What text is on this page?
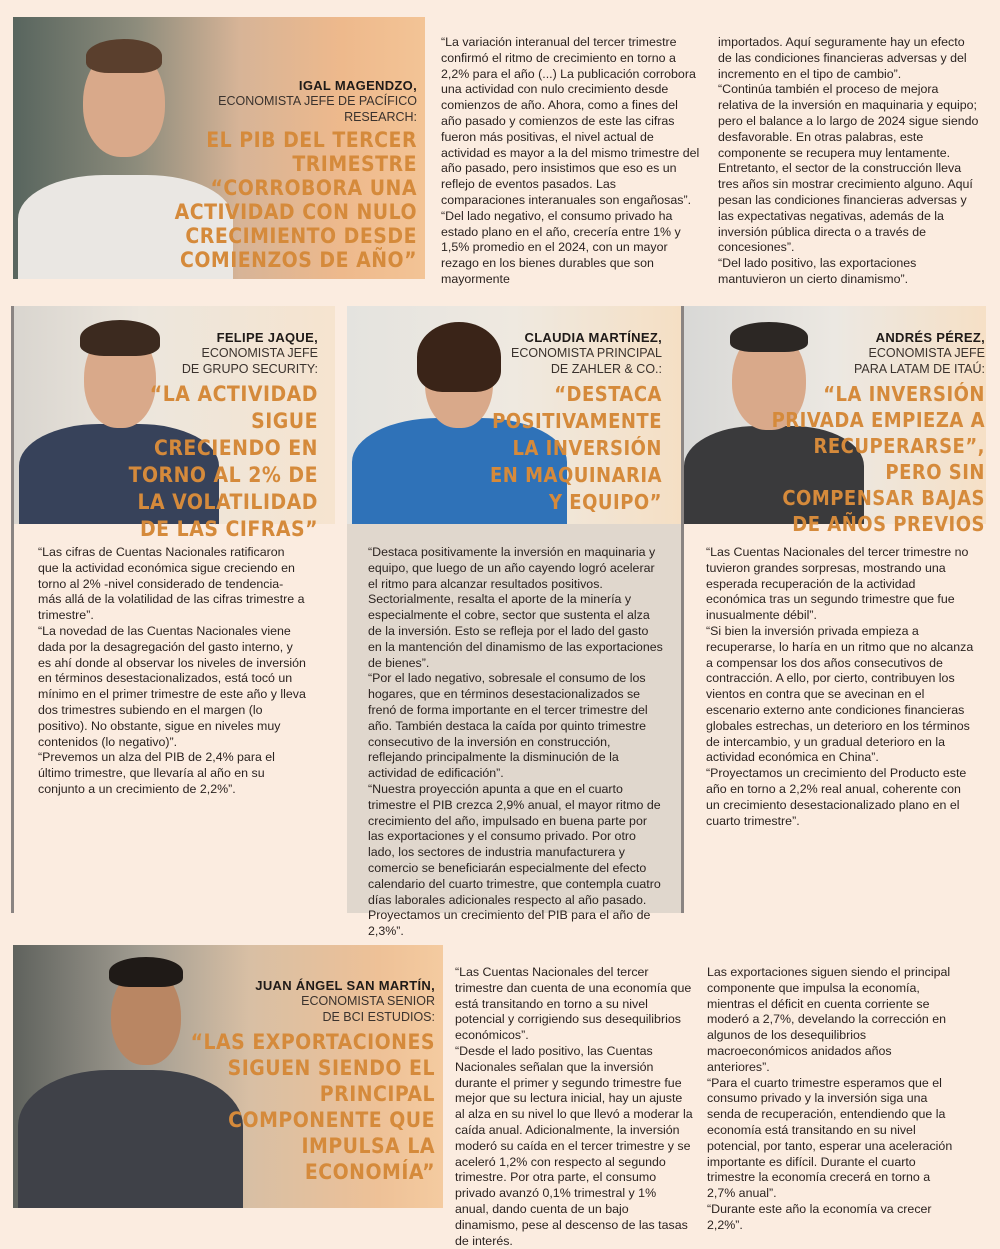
IGAL MAGENDZO,
ECONOMISTA JEFE DE PACÍFICO RESEARCH:
EL PIB DEL TERCER TRIMESTRE “CORROBORA UNA ACTIVIDAD CON NULO CRECIMIENTO DESDE COMIENZOS DE AÑO”
“La variación interanual del tercer trimestre confirmó el ritmo de crecimiento en torno a 2,2% para el año (...) La publicación corrobora una actividad con nulo crecimiento desde comienzos de año. Ahora, como a fines del año pasado y comienzos de este las cifras fueron más positivas, el nivel actual de actividad es mayor a la del mismo trimestre del año pasado, pero insistimos que eso es un reflejo de eventos pasados. Las comparaciones interanuales son engañosas”.
“Del lado negativo, el consumo privado ha estado plano en el año, crecería entre 1% y 1,5% promedio en el 2024, con un mayor rezago en los bienes durables que son mayormente
importados. Aquí seguramente hay un efecto de las condiciones financieras adversas y del incremento en el tipo de cambio”.
“Continúa también el proceso de mejora relativa de la inversión en maquinaria y equipo; pero el balance a lo largo de 2024 sigue siendo desfavorable. En otras palabras, este componente se recupera muy lentamente. Entretanto, el sector de la construcción lleva tres años sin mostrar crecimiento alguno. Aquí pesan las condiciones financieras adversas y las expectativas negativas, además de la inversión pública directa o a través de concesiones”.
“Del lado positivo, las exportaciones mantuvieron un cierto dinamismo”.
FELIPE JAQUE,
ECONOMISTA JEFE
DE GRUPO SECURITY:
“LA ACTIVIDAD SIGUE CRECIENDO EN TORNO AL 2% DE LA VOLATILIDAD DE LAS CIFRAS”
“Las cifras de Cuentas Nacionales ratificaron que la actividad económica sigue creciendo en torno al 2% -nivel considerado de tendencia- más allá de la volatilidad de las cifras trimestre a trimestre”.
“La novedad de las Cuentas Nacionales viene dada por la desagregación del gasto interno, y es ahí donde al observar los niveles de inversión en términos desestacionalizados, está tocó un mínimo en el primer trimestre de este año y lleva dos trimestres subiendo en el margen (lo positivo). No obstante, sigue en niveles muy contenidos (lo negativo)”.
“Prevemos un alza del PIB de 2,4% para el último trimestre, que llevaría al año en su conjunto a un crecimiento de 2,2%”.
CLAUDIA MARTÍNEZ,
ECONOMISTA PRINCIPAL
DE ZAHLER & CO.:
“DESTACA POSITIVAMENTE LA INVERSIÓN EN MAQUINARIA Y EQUIPO”
“Destaca positivamente la inversión en maquinaria y equipo, que luego de un año cayendo logró acelerar el ritmo para alcanzar resultados positivos. Sectorialmente, resalta el aporte de la minería y especialmente el cobre, sector que sustenta el alza de la inversión. Esto se refleja por el lado del gasto en la mantención del dinamismo de las exportaciones de bienes”.
“Por el lado negativo, sobresale el consumo de los hogares, que en términos desestacionalizados se frenó de forma importante en el tercer trimestre del año. También destaca la caída por quinto trimestre consecutivo de la inversión en construcción, reflejando principalmente la disminución de la actividad de edificación”.
“Nuestra proyección apunta a que en el cuarto trimestre el PIB crezca 2,9% anual, el mayor ritmo de crecimiento del año, impulsado en buena parte por las exportaciones y el consumo privado. Por otro lado, los sectores de industria manufacturera y comercio se beneficiarán especialmente del efecto calendario del cuarto trimestre, que contempla cuatro días laborales adicionales respecto al año pasado. Proyectamos un crecimiento del PIB para el año de 2,3%”.
ANDRÉS PÉREZ,
ECONOMISTA JEFE
PARA LATAM DE ITAÚ:
“LA INVERSIÓN PRIVADA EMPIEZA A RECUPERARSE”, PERO SIN COMPENSAR BAJAS DE AÑOS PREVIOS
“Las Cuentas Nacionales del tercer trimestre no tuvieron grandes sorpresas, mostrando una esperada recuperación de la actividad económica tras un segundo trimestre que fue inusualmente débil”.
“Si bien la inversión privada empieza a recuperarse, lo haría en un ritmo que no alcanza a compensar los dos años consecutivos de contracción. A ello, por cierto, contribuyen los vientos en contra que se avecinan en el escenario externo ante condiciones financieras globales estrechas, un deterioro en los términos de intercambio, y un gradual deterioro en la actividad económica en China”.
“Proyectamos un crecimiento del Producto este año en torno a 2,2% real anual, coherente con un crecimiento desestacionalizado plano en el cuarto trimestre”.
JUAN ÁNGEL SAN MARTÍN,
ECONOMISTA SENIOR
DE BCI ESTUDIOS:
“LAS EXPORTACIONES SIGUEN SIENDO EL PRINCIPAL COMPONENTE QUE IMPULSA LA ECONOMÍA”
“Las Cuentas Nacionales del tercer trimestre dan cuenta de una economía que está transitando en torno a su nivel potencial y corrigiendo sus desequilibrios económicos”.
“Desde el lado positivo, las Cuentas Nacionales señalan que la inversión durante el primer y segundo trimestre fue mejor que su lectura inicial, hay un ajuste al alza en su nivel lo que llevó a moderar la caída anual. Adicionalmente, la inversión moderó su caída en el tercer trimestre y se aceleró 1,2% con respecto al segundo trimestre. Por otra parte, el consumo privado avanzó 0,1% trimestral y 1% anual, dando cuenta de un bajo dinamismo, pese al descenso de las tasas de interés.
Las exportaciones siguen siendo el principal componente que impulsa la economía, mientras el déficit en cuenta corriente se moderó a 2,7%, develando la corrección en algunos de los desequilibrios macroeconómicos anidados años anteriores”.
“Para el cuarto trimestre esperamos que el consumo privado y la inversión siga una senda de recuperación, entendiendo que la economía está transitando en su nivel potencial, por tanto, esperar una aceleración importante es difícil. Durante el cuarto trimestre la economía crecerá en torno a 2,7% anual”.
“Durante este año la economía va crecer 2,2%”.
